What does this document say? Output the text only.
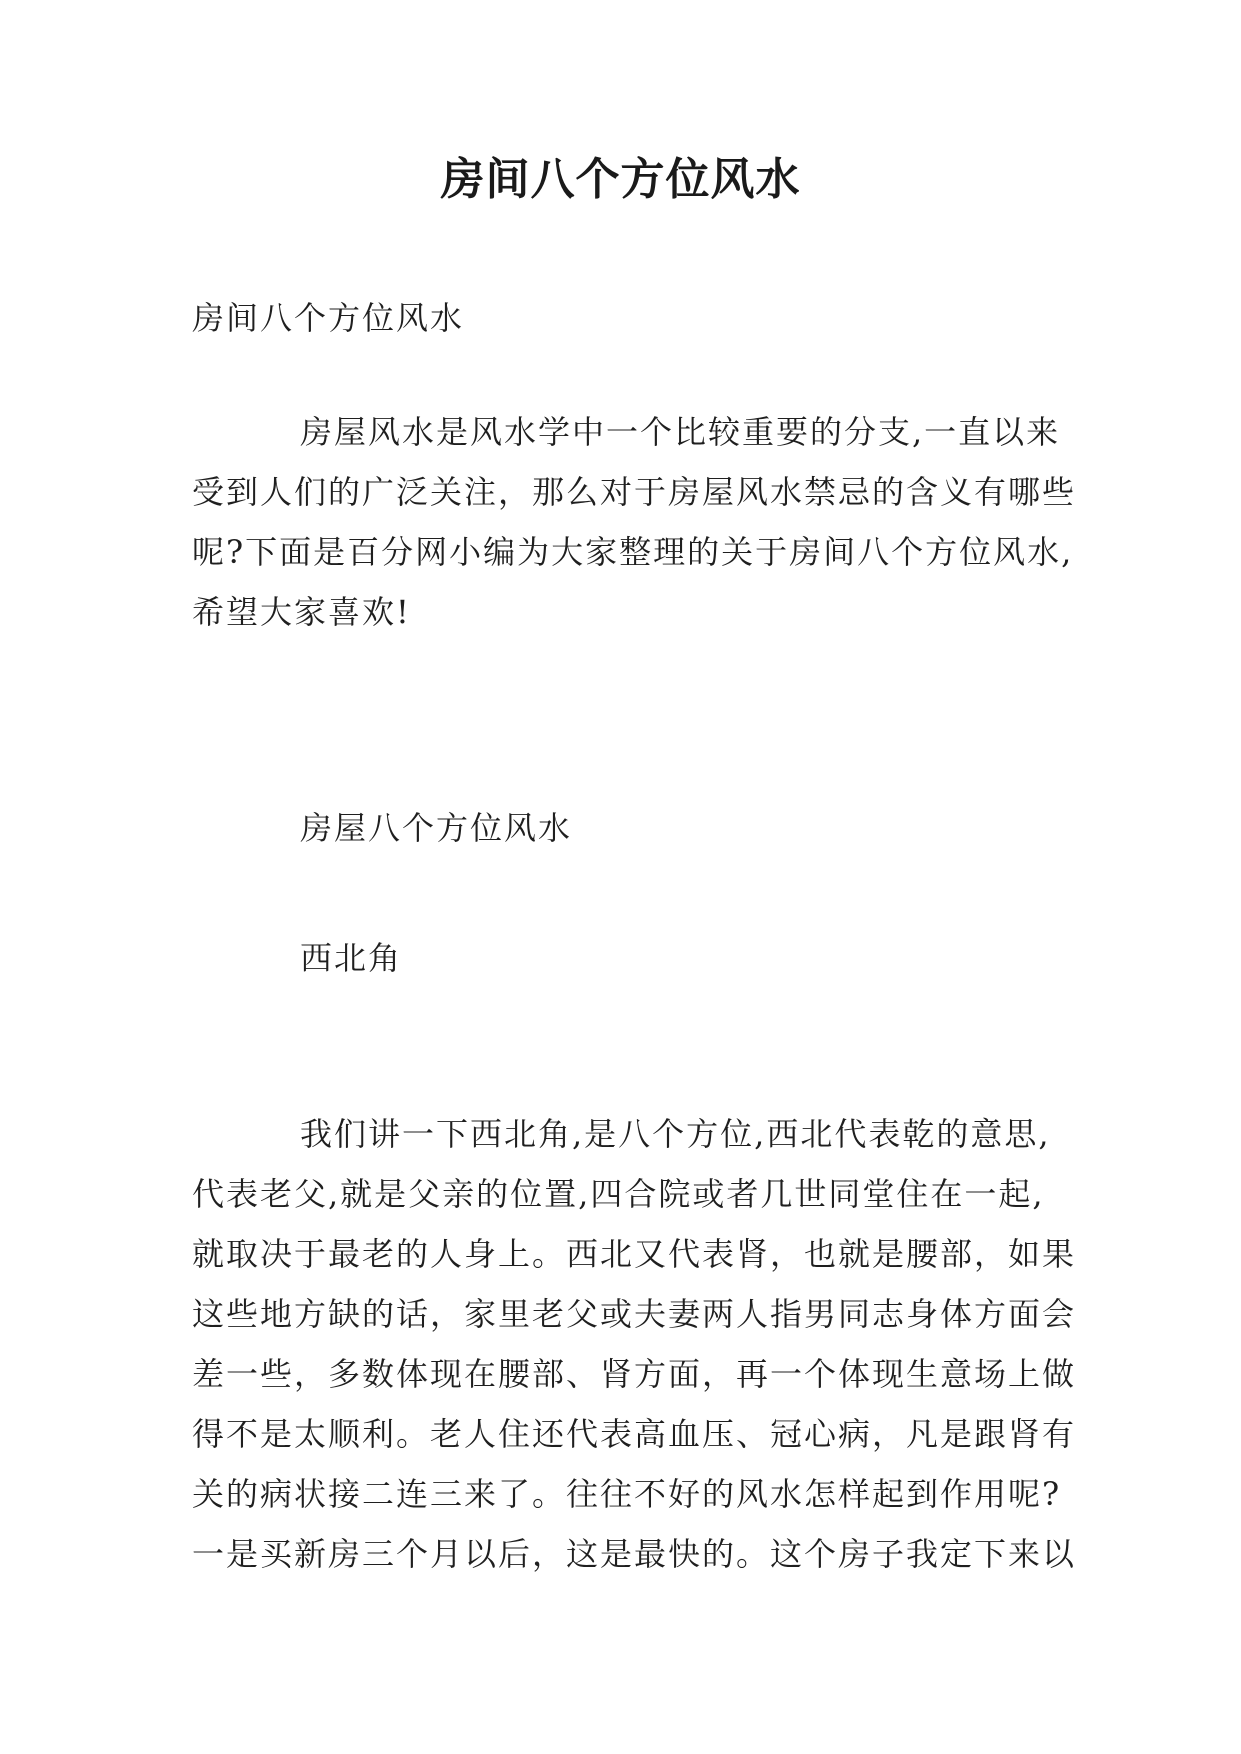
房间八个方位风水

房间八个方位风水

房屋风水是风水学中一个比较重要的分支,一直以来
受到人们的广泛关注，那么对于房屋风水禁忌的含义有哪些
呢?下面是百分网小编为大家整理的关于房间八个方位风水,
希望大家喜欢!

房屋八个方位风水

西北角

我们讲一下西北角,是八个方位,西北代表乾的意思,
代表老父,就是父亲的位置,四合院或者几世同堂住在一起,
就取决于最老的人身上。西北又代表肾，也就是腰部，如果
这些地方缺的话，家里老父或夫妻两人指男同志身体方面会
差一些，多数体现在腰部、肾方面，再一个体现生意场上做
得不是太顺利。老人住还代表高血压、冠心病，凡是跟肾有
关的病状接二连三来了。往往不好的风水怎样起到作用呢?
一是买新房三个月以后，这是最快的。这个房子我定下来以
